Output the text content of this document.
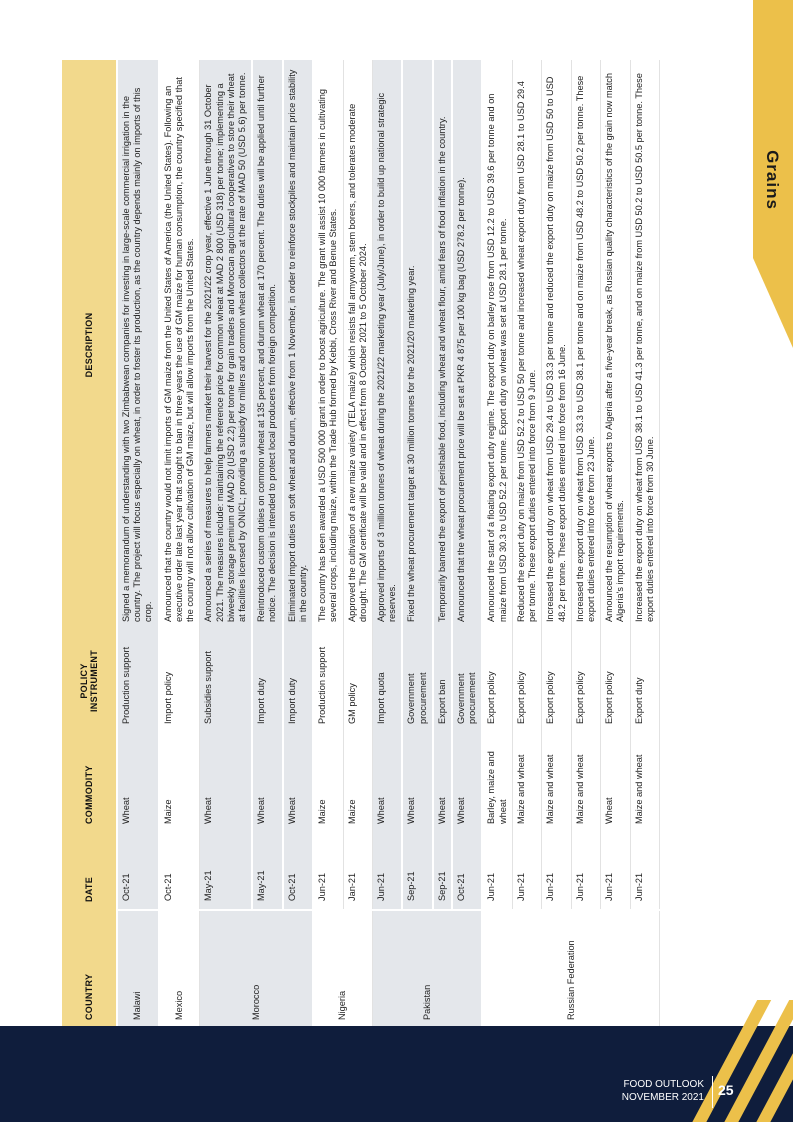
Grains
COUNTRY	DATE	COMMODITY	POLICY INSTRUMENT	DESCRIPTION
Malawi	Oct-21	Wheat	Production support	Signed a memorandum of understanding with two Zimbabwean companies for investing in large-scale commercial irrigation in the country. The project will focus especially on wheat, in order to foster its production, as the country depends mainly on imports of this crop.
Mexico	Oct-21	Maize	Import policy	Announced that the country would not limit imports of GM maize from the United States of America (the United States). Following an executive order late last year that sought to ban in three years the use of GM maize for human consumption, the country specified that the country will not allow cultivation of GM maize, but will allow imports from the United States.
Morocco	May-21	Wheat	Subsidies support	Announced a series of measures to help farmers market their harvest for the 2021/22 crop year, effective 1 June through 31 October 2021. The measures include: maintaining the reference price for common wheat at MAD 2 800 (USD 318) per tonne; implementing a biweekly storage premium of MAD 20 (USD 2.2) per tonne for grain traders and Moroccan agricultural cooperatives to store their wheat at facilities licensed by ONICL; providing a subsidy for millers and common wheat collectors at the rate of MAD 50 (USD 5.6) per tonne.
	May-21	Wheat	Import duty	Reintroduced custom duties on common wheat at 135 percent, and durum wheat at 170 percent. The duties will be applied until further notice. The decision is intended to protect local producers from foreign competition.
	Oct-21	Wheat	Import duty	Eliminated import duties on soft wheat and durum, effective from 1 November, in order to reinforce stockpiles and maintain price stability in the country.
Nigeria	Jun-21	Maize	Production support	The country has been awarded a USD 500 000 grant in order to boost agriculture. The grant will assist 10 000 farmers in cultivating several crops, including maize, within the Trade Hub formed by Kebbi, Cross River and Benue States.
	Jan-21	Maize	GM policy	Approved the cultivation of a new maize variety (TELA maize) which resists fall armyworm, stem borers, and tolerates moderate drought. The GM certificate will be valid and in effect from 8 October 2021 to 5 October 2024.
Pakistan	Jun-21	Wheat	Import quota	Approved imports of 3 million tonnes of wheat during the 2021/22 marketing year (July/June), in order to build up national strategic reserves.
	Sep-21	Wheat	Government procurement	Fixed the wheat procurement target at 30 million tonnes for the 2021/20 marketing year.
	Sep-21	Wheat	Export ban	Temporarily banned the export of perishable food, including wheat and wheat flour, amid fears of food inflation in the country.
	Oct-21	Wheat	Government procurement	Announced that the wheat procurement price will be set at PKR 4 875 per 100 kg bag (USD 278.2 per tonne).
Russian Federation	Jun-21	Barley, maize and wheat	Export policy	Announced the start of a floating export duty regime. The export duty on barley rose from USD 12.2 to USD 39.6 per tonne and on maize from USD 30.3 to USD 52.2 per tonne. Export duty on wheat was set at USD 28.1 per tonne.
	Jun-21	Maize and wheat	Export policy	Reduced the export duty on maize from USD 52.2 to USD 50 per tonne and increased wheat export duty from USD 28.1 to USD 29.4 per tonne. These export duties entered into force from 9 June.
	Jun-21	Maize and wheat	Export policy	Increased the export duty on wheat from USD 29.4 to USD 33.3 per tonne and reduced the export duty on maize from USD 50 to USD 48.2 per tonne. These export duties entered into force from 16 June.
	Jun-21	Maize and wheat	Export policy	Increased the export duty on wheat from USD 33.3 to USD 38.1 per tonne and on maize from USD 48.2 to USD 50.2 per tonne. These export duties entered into force from 23 June.
	Jun-21	Wheat	Export policy	Announced the resumption of wheat exports to Algeria after a five-year break, as Russian quality characteristics of the grain now match Algeria's import requirements.
	Jun-21	Maize and wheat	Export duty	Increased the export duty on wheat from USD 38.1 to USD 41.3 per tonne, and on maize from USD 50.2 to USD 50.5 per tonne. These export duties entered into force from 30 June.
FOOD OUTLOOK
NOVEMBER 2021 25
